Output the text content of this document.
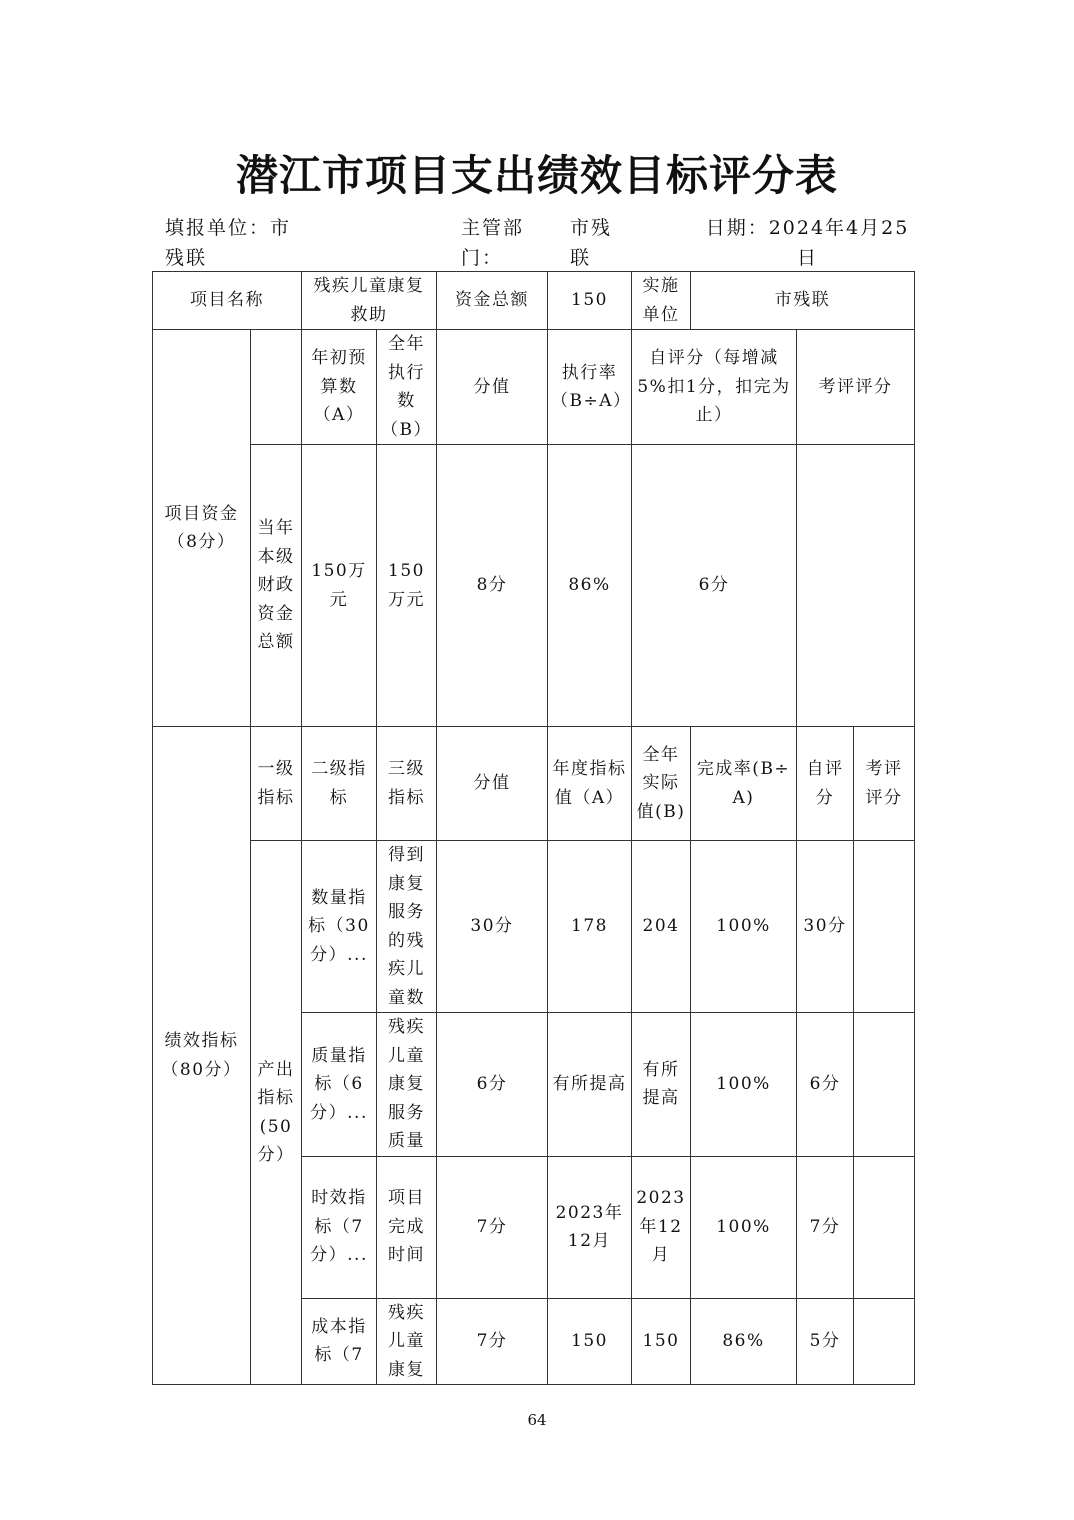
潜江市项目支出绩效目标评分表
填报单位：市残联
主管部门：
市残联
日期：2024年4月25日
项目名称		残疾儿童康复救助		资金总额	150	实施单位	市残联		
项目资金（8分）		年初预算数（A）	全年执行数（B）	分值	执行率（B÷A）	自评分（每增减5%扣1分，扣完为止）		考评评分	
	当年本级财政资金总额	150万元	150万元	8分	86%	6分			
绩效指标（80分）	一级指标	二级指标	三级指标	分值	年度指标值（A）	全年实际值(B)	完成率(B÷A)	自评分	考评评分
	产出指标(50分）	数量指标（30分）...	得到康复服务的残疾儿童数	30分	178	204	100%	30分	
		质量指标（6分）...	残疾儿童康复服务质量	6分	有所提高	有所提高	100%	6分	
		时效指标（7分）...	项目完成时间	7分	2023年12月	2023年12月	100%	7分	
		成本指标（7	残疾儿童康复	7分	150	150	86%	5分	
64
